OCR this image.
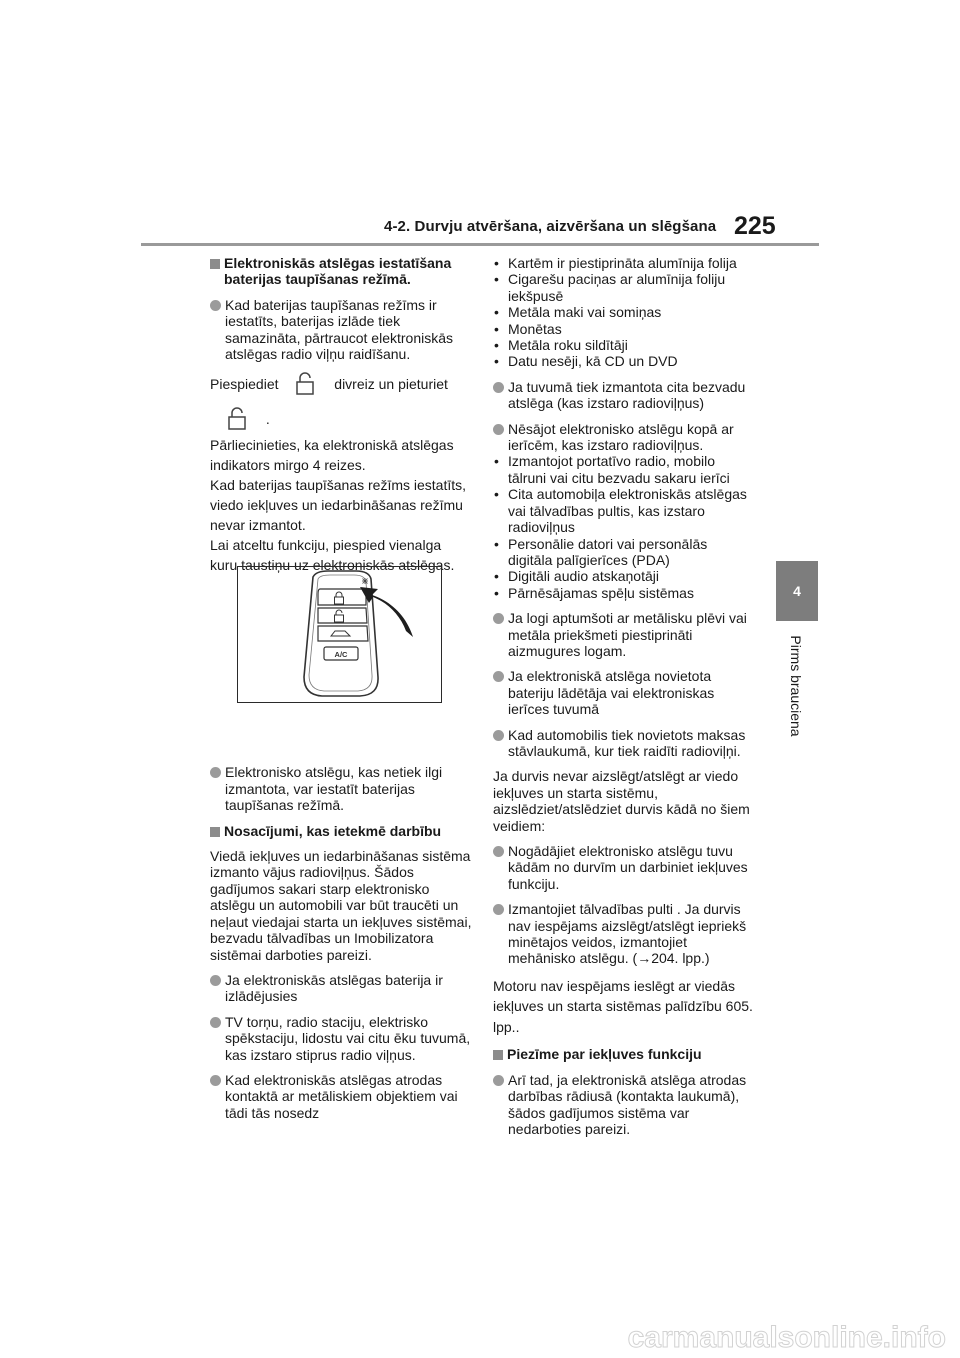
4-2. Durvju atvēršana, aizvēršana un slēgšana 225
4
Pirms brauciena
Elektroniskās atslēgas iestatīšana baterijas taupīšanas režīmā.
Kad baterijas taupīšanas režīms ir iestatīts, baterijas izlāde tiek samazināta, pārtraucot elektroniskās atslēgas radio viļņu raidīšanu.
Piespiediet	divreiz un pieturiet
.
Pārliecinieties, ka elektroniskā atslēgas indikators mirgo 4 reizes.
Kad baterijas taupīšanas režīms iestatīts, viedo iekļuves un iedarbināšanas režīmu nevar izmantot.
Lai atceltu funkciju, piespied vienalga kuru taustiņu uz elektroniskās atslēgas.
Elektronisko atslēgu, kas netiek ilgi izmantota, var iestatīt baterijas taupīšanas režīmā.
Nosacījumi, kas ietekmē darbību
Viedā iekļuves un iedarbināšanas sistēma izmanto vājus radioviļņus. Šādos gadījumos sakari starp elektronisko atslēgu un automobili var būt traucēti un neļaut viedajai starta un iekļuves sistēmai, bezvadu tālvadības un Imobilizatora sistēmai darboties pareizi.
Ja elektroniskās atslēgas baterija ir izlādējusies
TV torņu, radio staciju, elektrisko spēkstaciju, lidostu vai citu ēku tuvumā, kas izstaro stiprus radio viļņus.
Kad elektroniskās atslēgas atrodas kontaktā ar metāliskiem objektiem vai tādi tās nosedz
A/C
• Kartēm ir piestiprināta alumīnija folija
• Cigarešu paciņas ar alumīnija foliju iekšpusē
• Metāla maki vai somiņas
• Monētas
• Metāla roku sildītāji
• Datu nesēji, kā CD un DVD
Ja tuvumā tiek izmantota cita bezvadu atslēga (kas izstaro radioviļņus)
Nēsājot elektronisko atslēgu kopā ar ierīcēm, kas izstaro radioviļņus.
• Izmantojot portatīvo radio, mobilo tālruni vai citu bezvadu sakaru ierīci
• Cita automobiļa elektroniskās atslēgas vai tālvadības pultis, kas izstaro radioviļņus
• Personālie datori vai personālās digitāla palīgierīces (PDA)
• Digitāli audio atskaņotāji
• Pārnēsājamas spēļu sistēmas
Ja logi aptumšoti ar metālisku plēvi vai metāla priekšmeti piestiprināti aizmugures logam.
Ja elektroniskā atslēga novietota bateriju lādētāja vai elektroniskas ierīces tuvumā
Kad automobilis tiek novietots maksas stāvlaukumā, kur tiek raidīti radioviļņi.
Ja durvis nevar aizslēgt/atslēgt ar viedo iekļuves un starta sistēmu, aizslēdziet/atslēdziet durvis kādā no šiem veidiem:
Nogādājiet elektronisko atslēgu tuvu kādām no durvīm un darbiniet iekļuves funkciju.
Izmantojiet tālvadības pulti . Ja durvis nav iespējams aizslēgt/atslēgt iepriekš minētajos veidos, izmantojiet mehānisko atslēgu. (→204. lpp.)
Motoru nav iespējams ieslēgt ar viedās iekļuves un starta sistēmas palīdzību 605. lpp..
Piezīme par iekļuves funkciju
Arī tad, ja elektroniskā atslēga atrodas darbības rādiusā (kontakta laukumā), šādos gadījumos sistēma var nedarboties pareizi.
carmanualsonline.info
